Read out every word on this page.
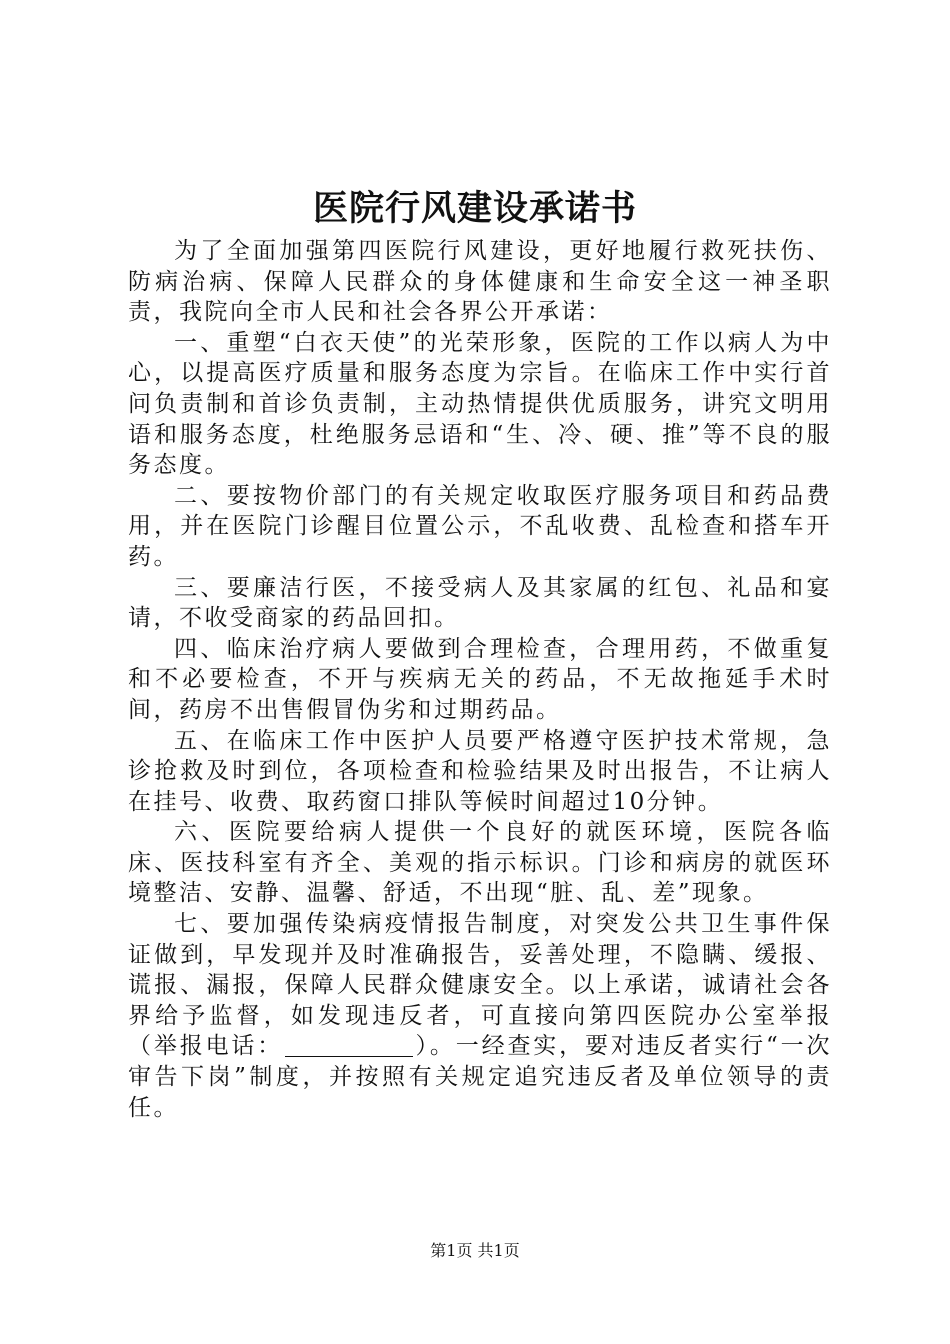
医院行风建设承诺书

为了全面加强第四医院行风建设，更好地履行救死扶伤、防病治病、保障人民群众的身体健康和生命安全这一神圣职责，我院向全市人民和社会各界公开承诺：

一、重塑“白衣天使”的光荣形象，医院的工作以病人为中心，以提高医疗质量和服务态度为宗旨。在临床工作中实行首问负责制和首诊负责制，主动热情提供优质服务，讲究文明用语和服务态度，杜绝服务忌语和“生、冷、硬、推”等不良的服务态度。

二、要按物价部门的有关规定收取医疗服务项目和药品费用，并在医院门诊醒目位置公示，不乱收费、乱检查和搭车开药。

三、要廉洁行医，不接受病人及其家属的红包、礼品和宴请，不收受商家的药品回扣。

四、临床治疗病人要做到合理检查，合理用药，不做重复和不必要检查，不开与疾病无关的药品，不无故拖延手术时间，药房不出售假冒伪劣和过期药品。

五、在临床工作中医护人员要严格遵守医护技术常规，急诊抢救及时到位，各项检查和检验结果及时出报告，不让病人在挂号、收费、取药窗口排队等候时间超过10分钟。

六、医院要给病人提供一个良好的就医环境，医院各临床、医技科室有齐全、美观的指示标识。门诊和病房的就医环境整洁、安静、温馨、舒适，不出现“脏、乱、差”现象。

七、要加强传染病疫情报告制度，对突发公共卫生事件保证做到，早发现并及时准确报告，妥善处理，不隐瞒、缓报、谎报、漏报，保障人民群众健康安全。以上承诺，诚请社会各界给予监督，如发现违反者，可直接向第四医院办公室举报（举报电话：	）。一经查实，要对违反者实行“一次审告下岗”制度，并按照有关规定追究违反者及单位领导的责任。

第1页 共1页
